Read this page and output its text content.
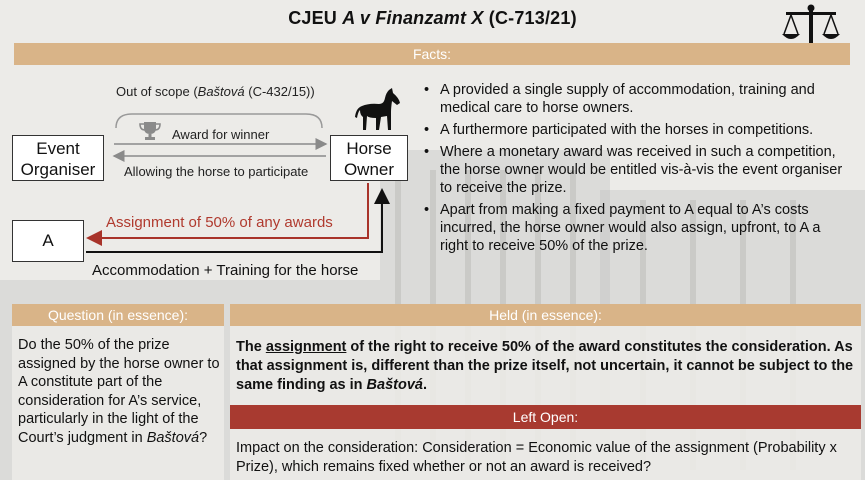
CJEU A v Finanzamt X (C-713/21)
Facts:
Out of scope (Baštová (C-432/15))
Award for winner
Allowing the horse to participate
Event
Organiser
Horse
Owner
A
Assignment of 50% of any awards
Accommodation + Training for the horse
• A provided a single supply of accommodation, training and medical care to horse owners.
• A furthermore participated with the horses in competitions.
• Where a monetary award was received in such a competition, the horse owner would be entitled vis-à-vis the event organiser to receive the prize.
• Apart from making a fixed payment to A equal to A’s costs incurred, the horse owner would also assign, upfront, to A a right to receive 50% of the prize.
Question (in essence):
Do the 50% of the prize assigned by the horse owner to A constitute part of the consideration for A’s service, particularly in the light of the Court’s judgment in Baštová?
Held (in essence):
The assignment of the right to receive 50% of the award constitutes the consideration. As that assignment is, different than the prize itself, not uncertain, it cannot be subject to the same finding as in Baštová.
Left Open:
Impact on the consideration: Consideration = Economic value of the assignment (Probability x Prize), which remains fixed whether or not an award is received?
